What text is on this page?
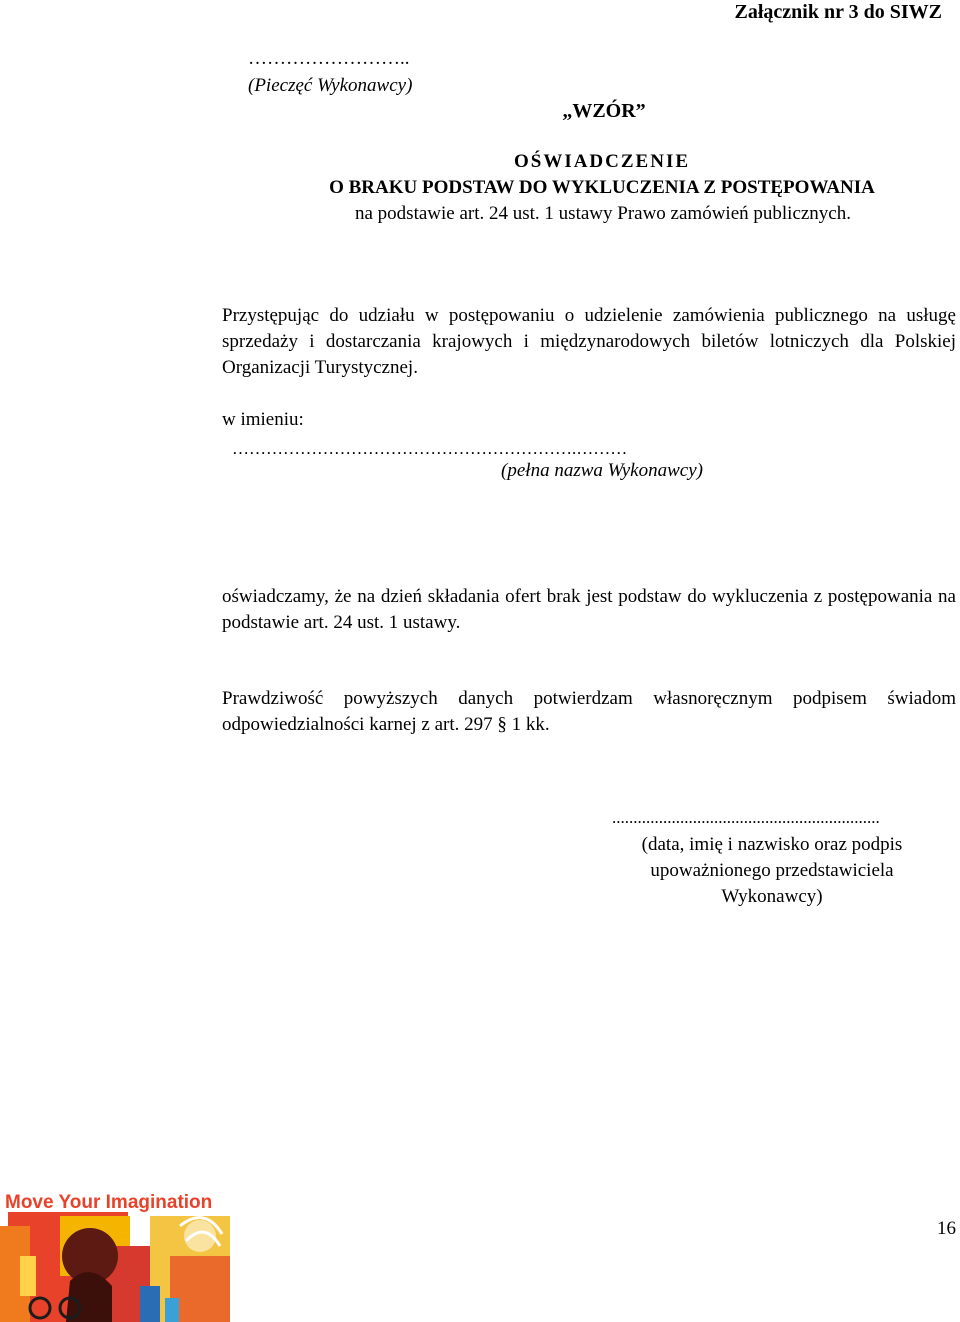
Załącznik nr 3 do SIWZ
……………………..
(Pieczęć Wykonawcy)
„WZÓR”
OŚWIADCZENIE
O BRAKU PODSTAW DO WYKLUCZENIA Z POSTĘPOWANIA
na podstawie art. 24 ust. 1 ustawy Prawo zamówień publicznych.
Przystępując do udziału w postępowaniu o udzielenie zamówienia publicznego na usługę sprzedaży i dostarczania krajowych i międzynarodowych biletów lotniczych dla Polskiej Organizacji Turystycznej.
w imieniu:
…………………………………………………….………
(pełna nazwa Wykonawcy)
oświadczamy, że na dzień składania ofert brak jest podstaw do wykluczenia z postępowania na podstawie art. 24 ust. 1 ustawy.
Prawdziwość powyższych danych potwierdzam własnoręcznym podpisem świadom odpowiedzialności karnej z art. 297 § 1 kk.
...............................................................
(data, imię i nazwisko oraz podpis
upoważnionego przedstawiciela
Wykonawcy)
Move Your Imagination
16
